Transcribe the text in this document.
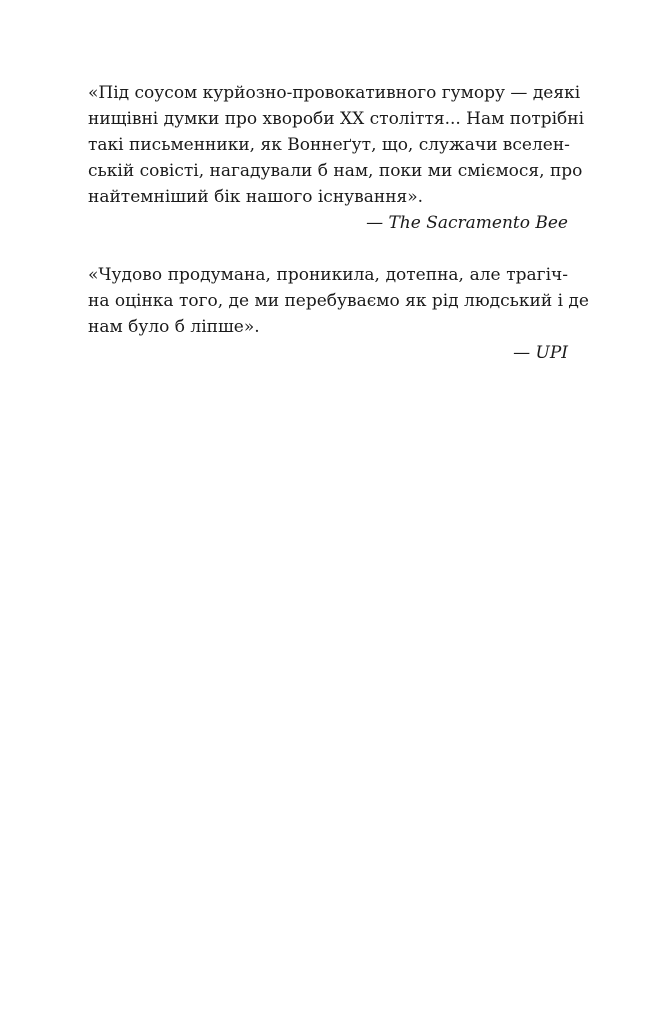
«Під соусом курйозно-провокативного гумору — деякі
нищівні думки про хвороби XX століття... Нам потрібні
такі письменники, як Воннеґут, що, служачи вселен-
ській совісті, нагадували б нам, поки ми сміємося, про
найтемніший бік нашого існування».
— The Sacramento Bee
«Чудово продумана, проникила, дотепна, але трагіч-
на оцінка того, де ми перебуваємо як рід людський і де
нам було б ліпше».
— UPI
